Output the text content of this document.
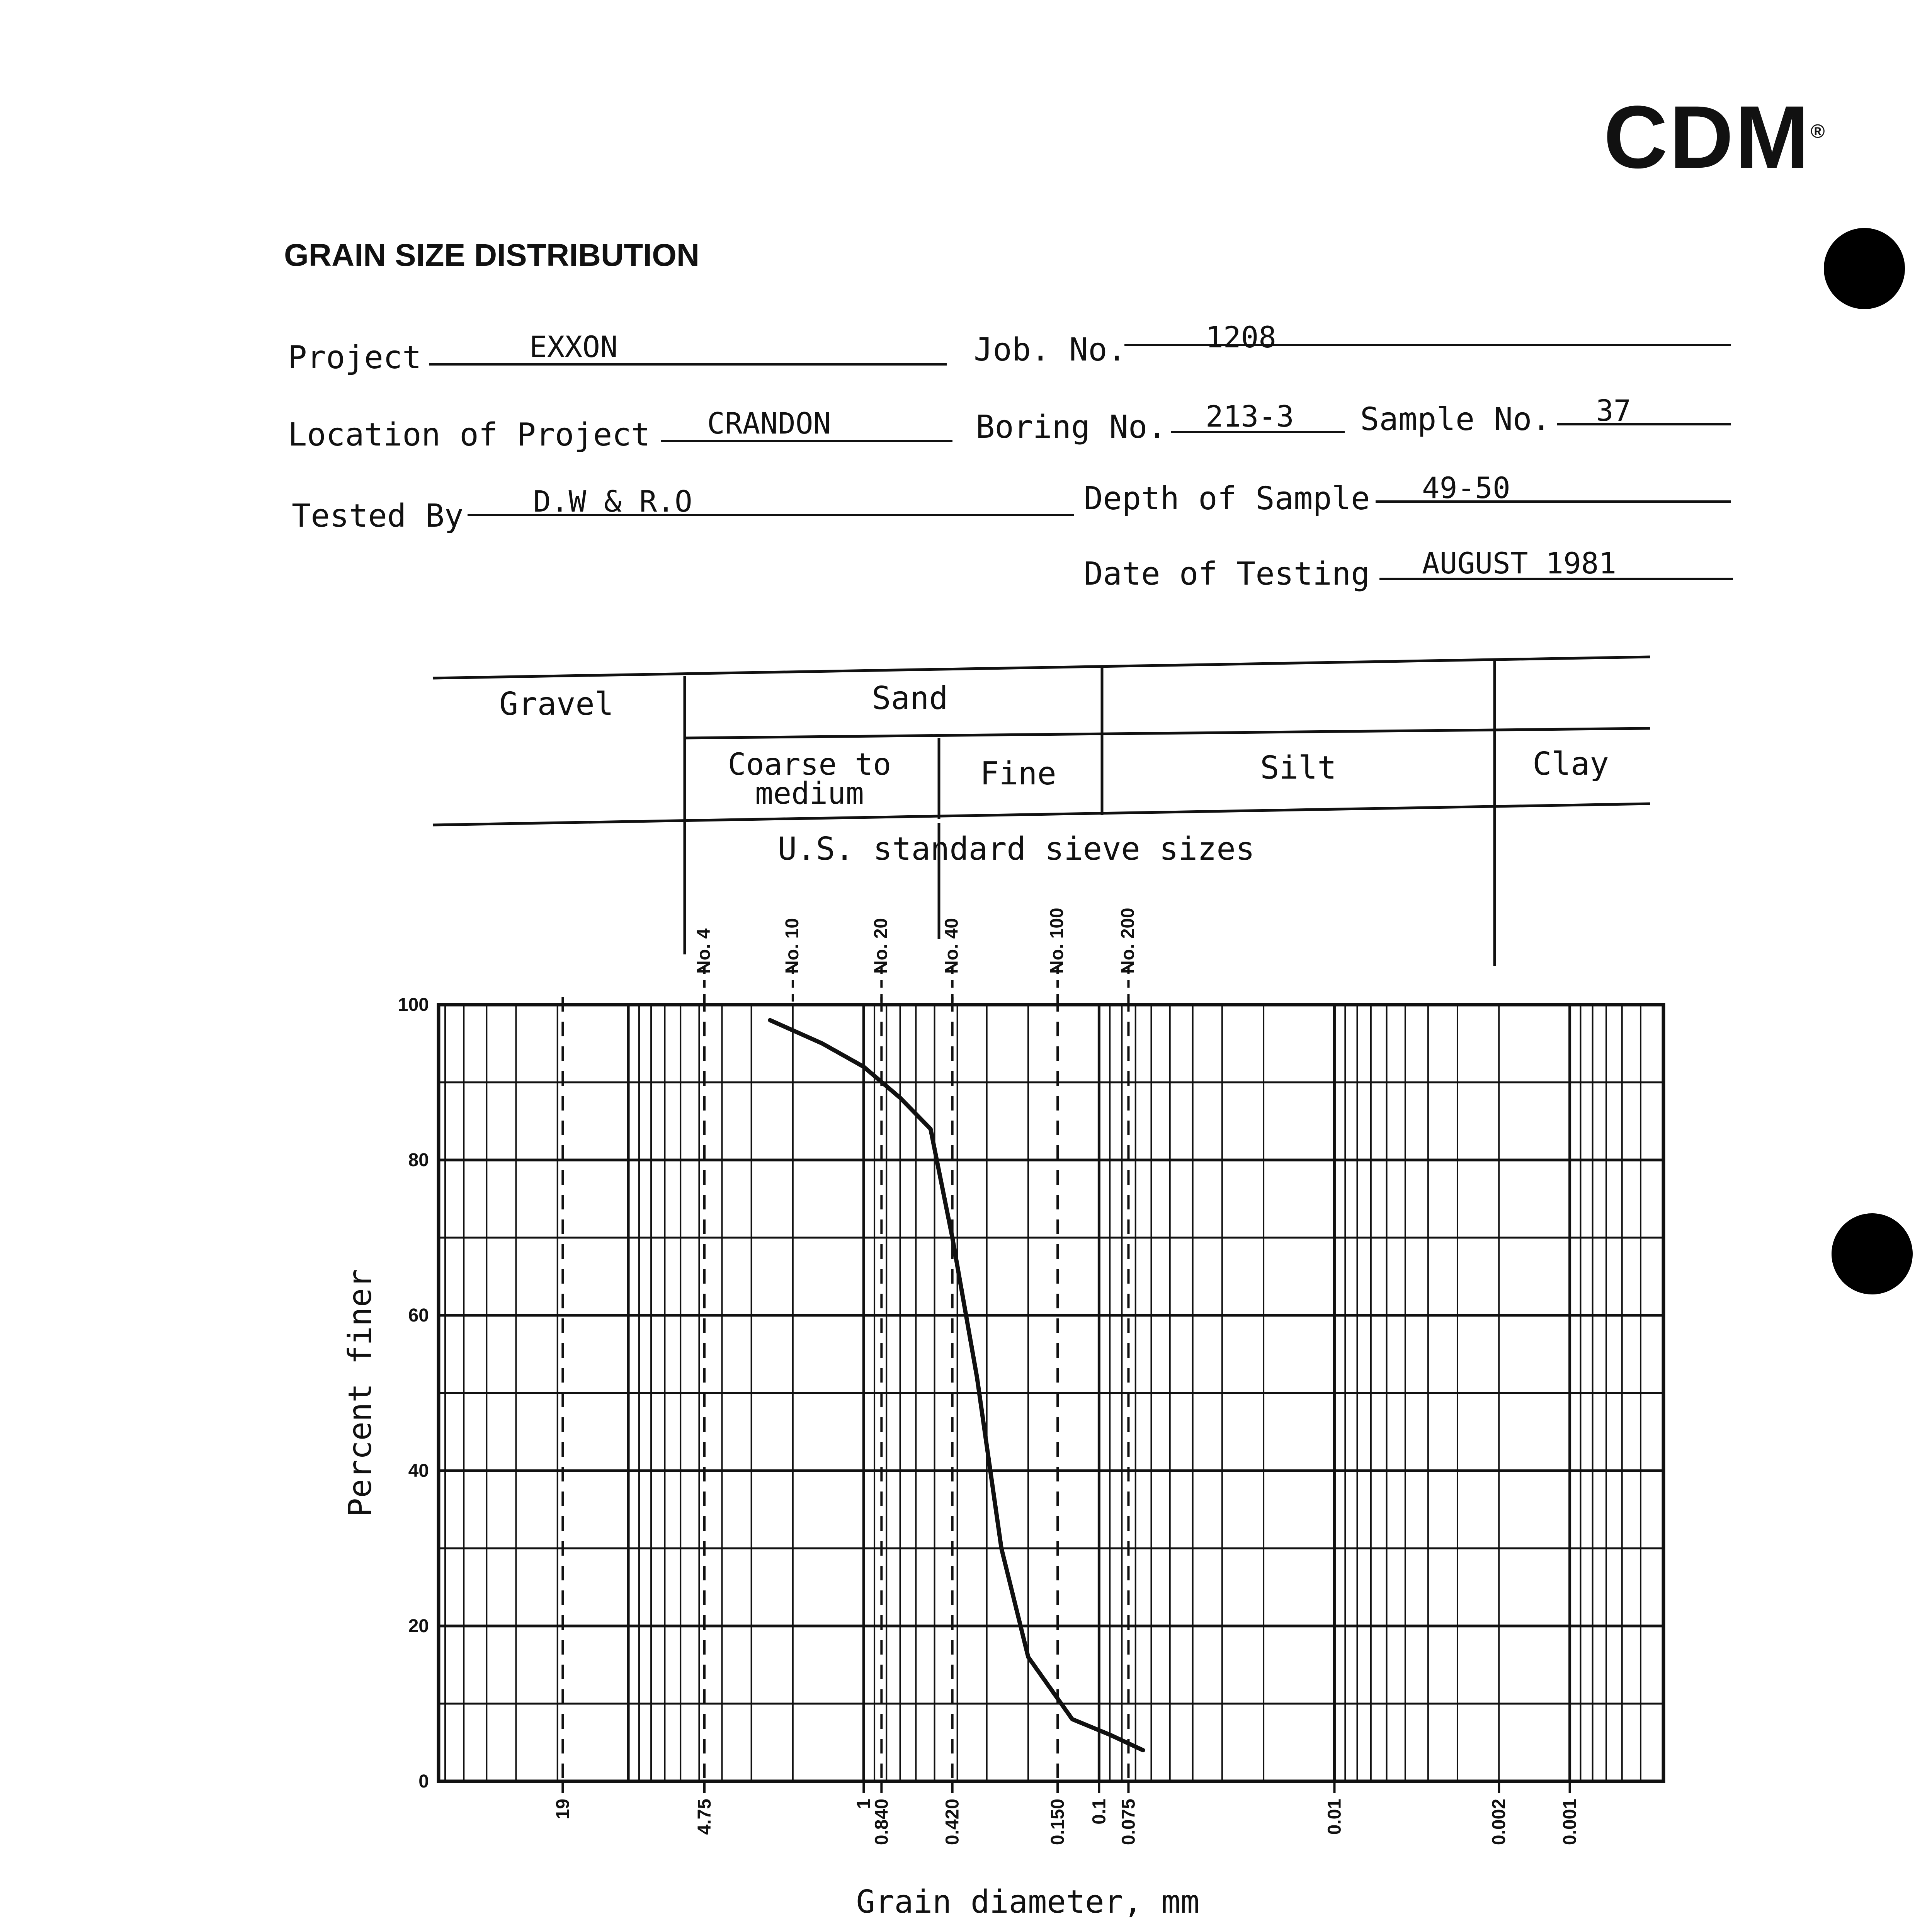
CDM®
GRAIN SIZE DISTRIBUTION
Project	EXXON	Job. No.	1208
Location of Project CRANDON	Boring No. 213-3 Sample No. 37
Tested By D.W & R.O	Depth of Sample 49-50
Date of Testing AUGUST 1981
Gravel	Sand
Coarse to
medium
Fine	Silt	Clay
U.S. standard sieve sizes
No. 4	No. 10	No. 20	No. 40	No. 100	No. 200
0
20
40
60
80
100
19	4.75	1
0.840	0.420	0.150 0.1 0.075	0.01	0.002	0.001
Grain diameter, mm
Percent finer
